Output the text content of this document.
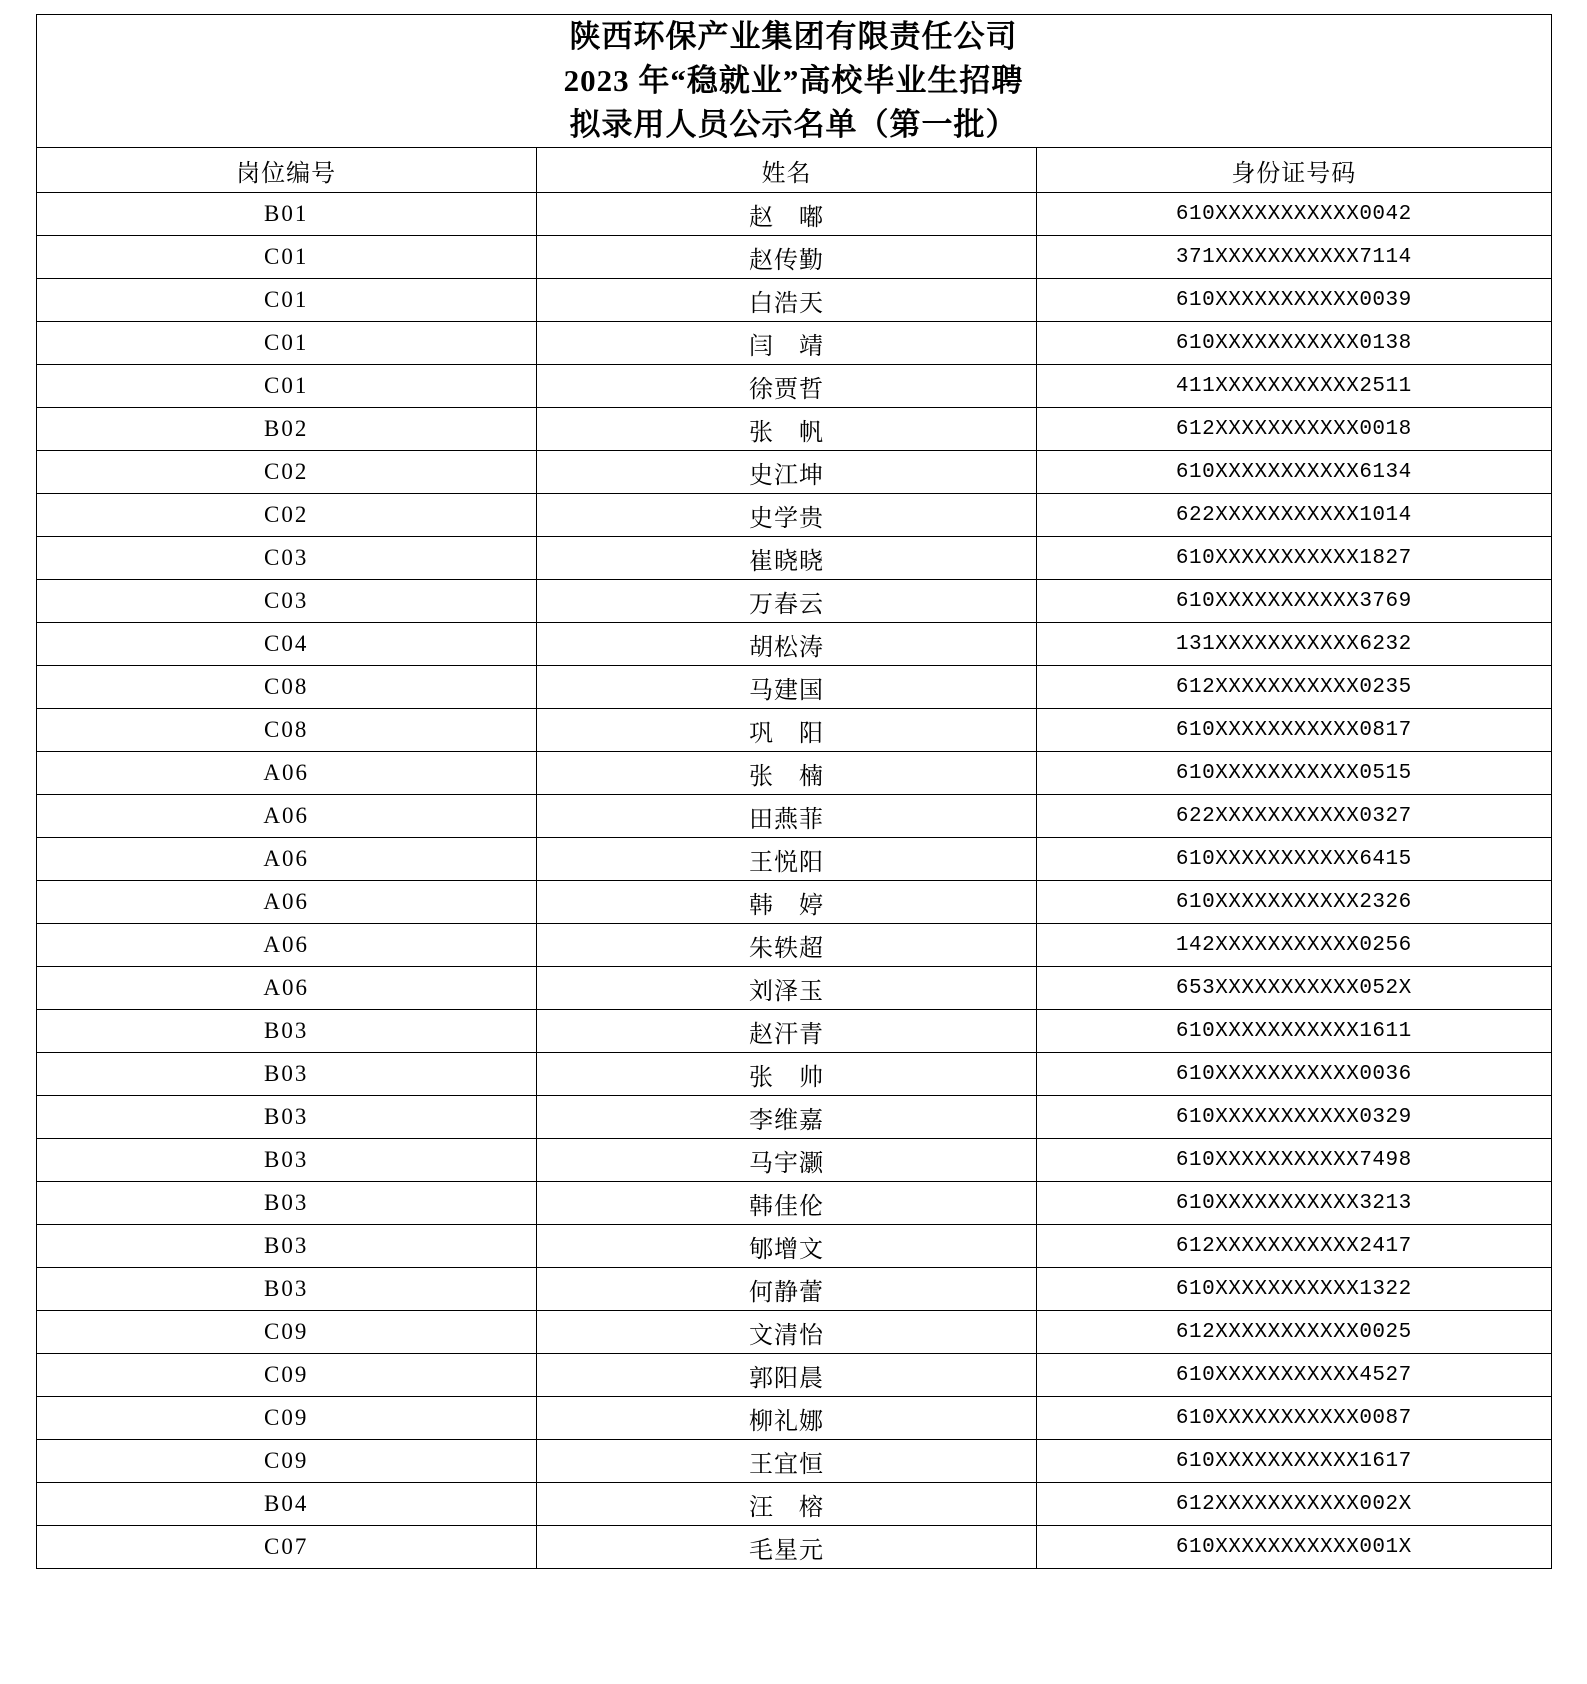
陕西环保产业集团有限责任公司
2023 年“稳就业”高校毕业生招聘
拟录用人员公示名单（第一批）		

岗位编号	姓名	身份证号码
B01	赵　嘟	610XXXXXXXXXXX0042
C01	赵传勤	371XXXXXXXXXXX7114
C01	白浩天	610XXXXXXXXXXX0039
C01	闫　靖	610XXXXXXXXXXX0138
C01	徐贾哲	411XXXXXXXXXXX2511
B02	张　帆	612XXXXXXXXXXX0018
C02	史江坤	610XXXXXXXXXXX6134
C02	史学贵	622XXXXXXXXXXX1014
C03	崔晓晓	610XXXXXXXXXXX1827
C03	万春云	610XXXXXXXXXXX3769
C04	胡松涛	131XXXXXXXXXXX6232
C08	马建国	612XXXXXXXXXXX0235
C08	巩　阳	610XXXXXXXXXXX0817
A06	张　楠	610XXXXXXXXXXX0515
A06	田燕菲	622XXXXXXXXXXX0327
A06	王悦阳	610XXXXXXXXXXX6415
A06	韩　婷	610XXXXXXXXXXX2326
A06	朱轶超	142XXXXXXXXXXX0256
A06	刘泽玉	653XXXXXXXXXXX052X
B03	赵汗青	610XXXXXXXXXXX1611
B03	张　帅	610XXXXXXXXXXX0036
B03	李维嘉	610XXXXXXXXXXX0329
B03	马宇灏	610XXXXXXXXXXX7498
B03	韩佳伦	610XXXXXXXXXXX3213
B03	郇增文	612XXXXXXXXXXX2417
B03	何静蕾	610XXXXXXXXXXX1322
C09	文清怡	612XXXXXXXXXXX0025
C09	郭阳晨	610XXXXXXXXXXX4527
C09	柳礼娜	610XXXXXXXXXXX0087
C09	王宜恒	610XXXXXXXXXXX1617
B04	汪　榕	612XXXXXXXXXXX002X
C07	毛星元	610XXXXXXXXXXX001X
